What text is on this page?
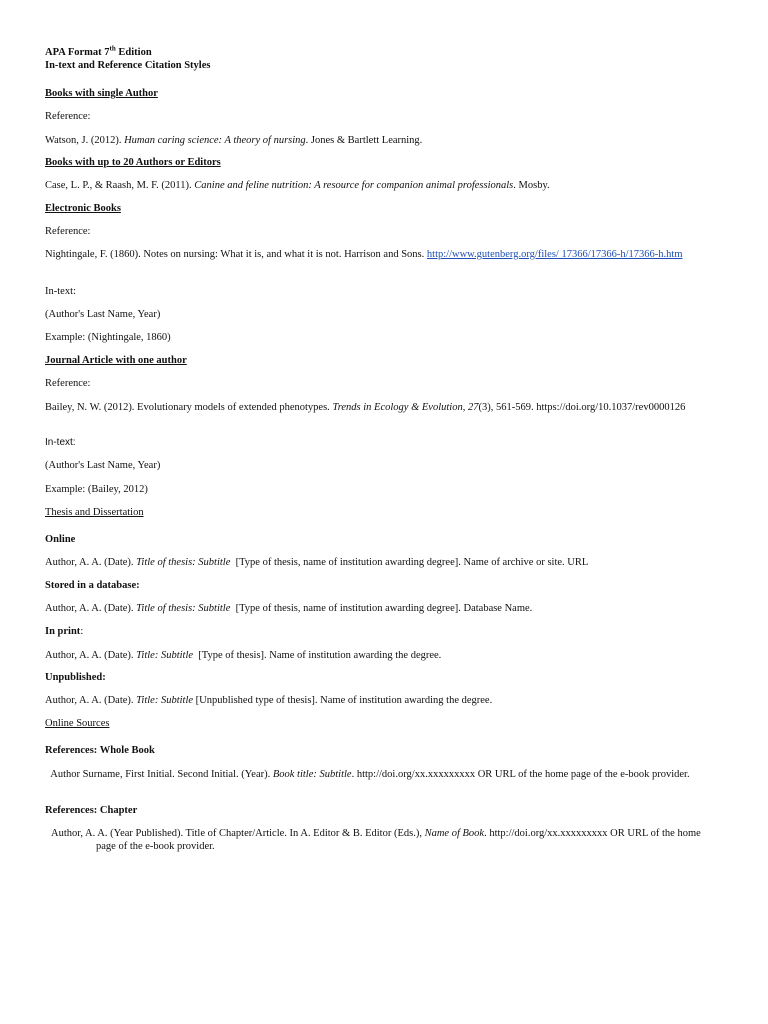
APA Format 7th Edition
In-text and Reference Citation Styles
Books with single Author
Reference:
Watson, J. (2012). Human caring science: A theory of nursing. Jones & Bartlett Learning.
Books with up to 20 Authors or Editors
Case, L. P., & Raash, M. F. (2011). Canine and feline nutrition: A resource for companion animal professionals. Mosby.
Electronic Books
Reference:
Nightingale, F. (1860). Notes on nursing: What it is, and what it is not. Harrison and Sons. http://www.gutenberg.org/files/ 17366/17366-h/17366-h.htm
In-text:
(Author's Last Name, Year)
Example: (Nightingale, 1860)
Journal Article with one author
Reference:
Bailey, N. W. (2012). Evolutionary models of extended phenotypes. Trends in Ecology & Evolution, 27(3), 561-569. https://doi.org/10.1037/rev0000126
In-text:
(Author's Last Name, Year)
Example: (Bailey, 2012)
Thesis and Dissertation
Online
Author, A. A. (Date). Title of thesis: Subtitle  [Type of thesis, name of institution awarding degree]. Name of archive or site. URL
Stored in a database:
Author, A. A. (Date). Title of thesis: Subtitle  [Type of thesis, name of institution awarding degree]. Database Name.
In print:
Author, A. A. (Date). Title: Subtitle  [Type of thesis]. Name of institution awarding the degree.
Unpublished:
Author, A. A. (Date). Title: Subtitle [Unpublished type of thesis]. Name of institution awarding the degree.
Online Sources
References: Whole Book
Author Surname, First Initial. Second Initial. (Year). Book title: Subtitle. http://doi.org/xx.xxxxxxxxx OR URL of the home page of the e-book provider.
References: Chapter
Author, A. A. (Year Published). Title of Chapter/Article. In A. Editor & B. Editor (Eds.), Name of Book. http://doi.org/xx.xxxxxxxxx OR URL of the home page of the e-book provider.
